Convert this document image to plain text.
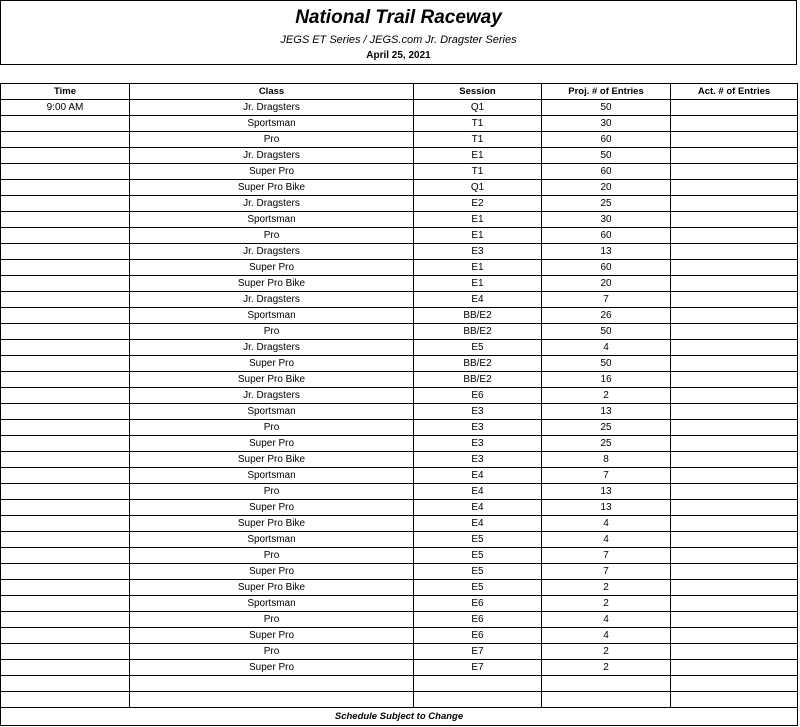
National Trail Raceway
JEGS ET Series / JEGS.com Jr. Dragster Series
April 25, 2021
Time	Class	Session	Proj. # of Entries	Act. # of Entries
9:00 AM	Jr. Dragsters	Q1	50	
	Sportsman	T1	30	
	Pro	T1	60	
	Jr. Dragsters	E1	50	
	Super Pro	T1	60	
	Super Pro Bike	Q1	20	
	Jr. Dragsters	E2	25	
	Sportsman	E1	30	
	Pro	E1	60	
	Jr. Dragsters	E3	13	
	Super Pro	E1	60	
	Super Pro Bike	E1	20	
	Jr. Dragsters	E4	7	
	Sportsman	BB/E2	26	
	Pro	BB/E2	50	
	Jr. Dragsters	E5	4	
	Super Pro	BB/E2	50	
	Super Pro Bike	BB/E2	16	
	Jr. Dragsters	E6	2	
	Sportsman	E3	13	
	Pro	E3	25	
	Super Pro	E3	25	
	Super Pro Bike	E3	8	
	Sportsman	E4	7	
	Pro	E4	13	
	Super Pro	E4	13	
	Super Pro Bike	E4	4	
	Sportsman	E5	4	
	Pro	E5	7	
	Super Pro	E5	7	
	Super Pro Bike	E5	2	
	Sportsman	E6	2	
	Pro	E6	4	
	Super Pro	E6	4	
	Pro	E7	2	
	Super Pro	E7	2	

Schedule Subject to Change				
